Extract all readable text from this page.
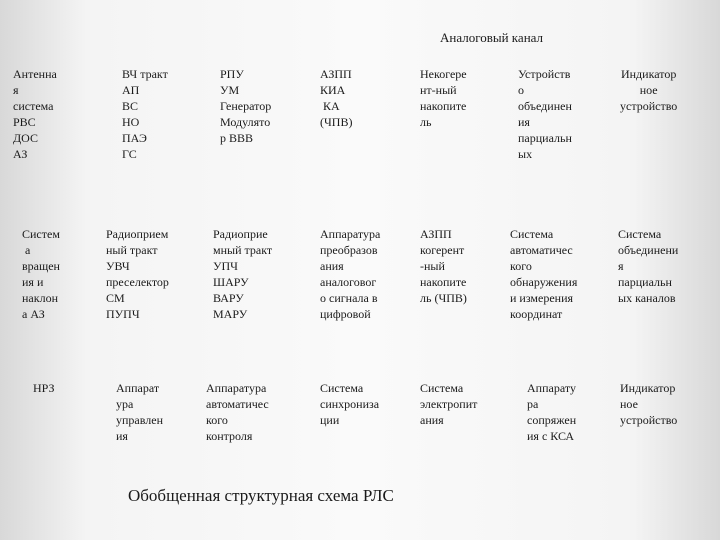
Аналоговый канал
Антенна
я
система
РВС
ДОС
АЗ
ВЧ тракт
АП
ВС
НО
ПАЭ
ГС
РПУ
УМ
Генератор
Модулято
р ВВВ
АЗПП
КИА
КА
(ЧПВ)
Некогере
нт-ный
накопите
ль
Устройств
о
объединен
ия
парциальн
ых
Индикатор
ное
устройство
Систем
а
вращен
ия и
наклон
а АЗ
Радиоприем
ный тракт
УВЧ
преселектор
СМ
ПУПЧ
Радиоприе
мный тракт
УПЧ
ШАРУ
ВАРУ
МАРУ
Аппаратура
преобразов
ания
аналоговог
о сигнала в
цифровой
АЗПП
когерент
-ный
накопите
ль (ЧПВ)
Система
автоматичес
кого
обнаружения
и измерения
координат
Система
объединени
я
парциальн
ых каналов
НРЗ	Аппарат
ура
управлен
ия
Аппаратура
автоматичес
кого
контроля
Система
синхрониза
ции
Система
электропит
ания
Аппарату
ра
сопряжен
ия с КСА
Индикатор
ное
устройство
Обобщенная структурная схема РЛС
